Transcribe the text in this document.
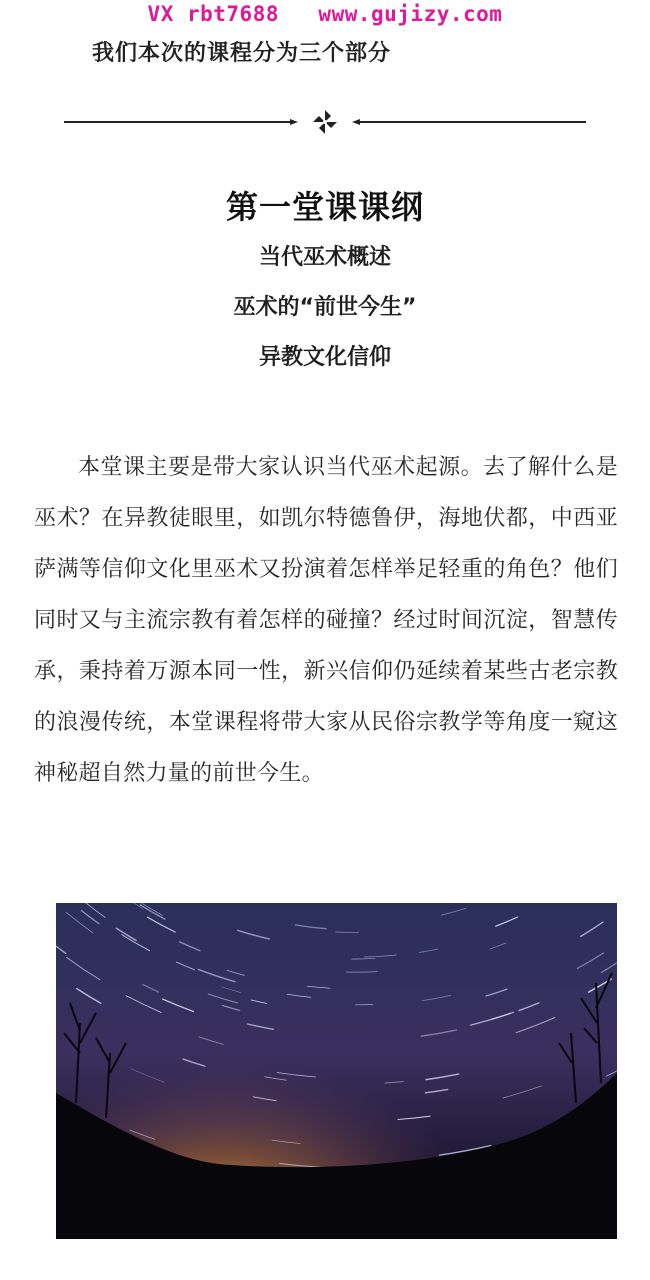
VX rbt7688 www.gujizy.com
我们本次的课程分为三个部分
第一堂课课纲
当代巫术概述
巫术的“前世今生”
异教文化信仰

本堂课主要是带大家认识当代巫术起源。去了解什么是巫术？在异教徒眼里，如凯尔特德鲁伊，海地伏都，中西亚萨满等信仰文化里巫术又扮演着怎样举足轻重的角色？他们同时又与主流宗教有着怎样的碰撞？经过时间沉淀，智慧传承，秉持着万源本同一性，新兴信仰仍延续着某些古老宗教的浪漫传统，本堂课程将带大家从民俗宗教学等角度一窥这神秘超自然力量的前世今生。
